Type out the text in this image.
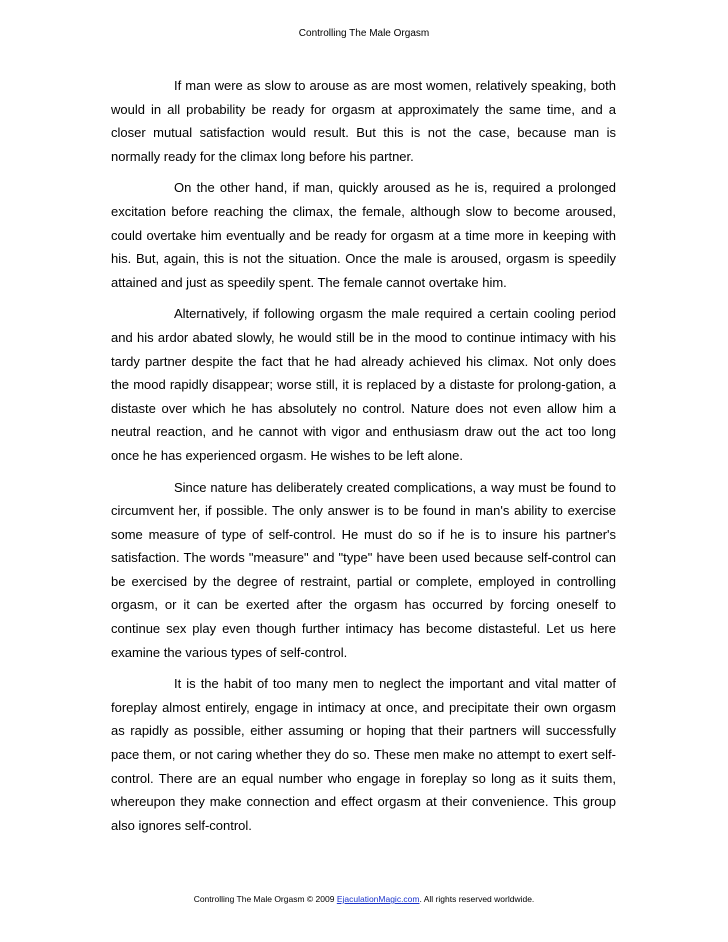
Controlling The Male Orgasm

If man were as slow to arouse as are most women, relatively speaking, both would in all probability be ready for orgasm at approximately the same time, and a closer mutual satisfaction would result. But this is not the case, because man is normally ready for the climax long before his partner.

On the other hand, if man, quickly aroused as he is, required a prolonged excitation before reaching the climax, the female, although slow to become aroused, could overtake him eventually and be ready for orgasm at a time more in keeping with his. But, again, this is not the situation. Once the male is aroused, orgasm is speedily attained and just as speedily spent. The female cannot overtake him.

Alternatively, if following orgasm the male required a certain cooling period and his ardor abated slowly, he would still be in the mood to continue intimacy with his tardy partner despite the fact that he had already achieved his climax. Not only does the mood rapidly disappear; worse still, it is replaced by a distaste for prolong-gation, a distaste over which he has absolutely no control. Nature does not even allow him a neutral reaction, and he cannot with vigor and enthusiasm draw out the act too long once he has experienced orgasm. He wishes to be left alone.

Since nature has deliberately created complications, a way must be found to circumvent her, if possible. The only answer is to be found in man's ability to exercise some measure of type of self-control. He must do so if he is to insure his partner's satisfaction. The words "measure" and "type" have been used because self-control can be exercised by the degree of restraint, partial or complete, employed in controlling orgasm, or it can be exerted after the orgasm has occurred by forcing oneself to continue sex play even though further intimacy has become distasteful. Let us here examine the various types of self-control.

It is the habit of too many men to neglect the important and vital matter of foreplay almost entirely, engage in intimacy at once, and precipitate their own orgasm as rapidly as possible, either assuming or hoping that their partners will successfully pace them, or not caring whether they do so. These men make no attempt to exert self-control. There are an equal number who engage in foreplay so long as it suits them, whereupon they make connection and effect orgasm at their convenience. This group also ignores self-control.

Controlling The Male Orgasm © 2009 EjaculationMagic.com. All rights reserved worldwide.
